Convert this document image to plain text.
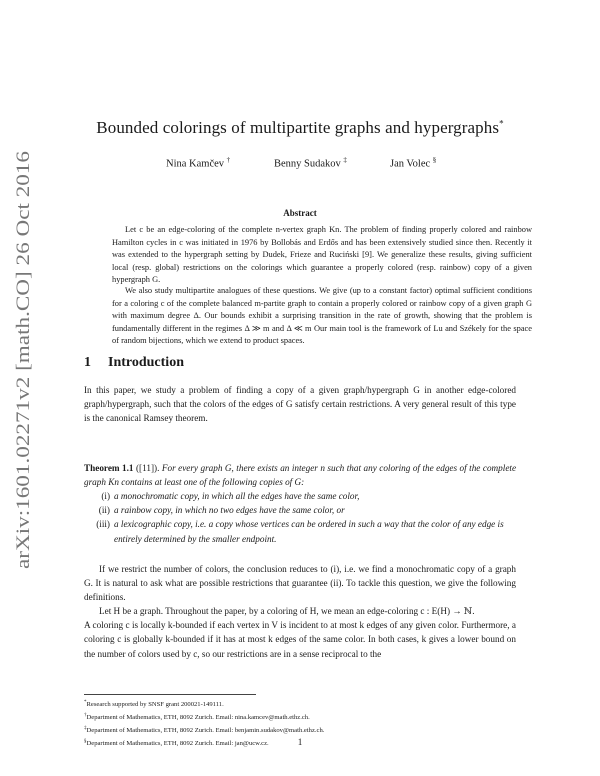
arXiv:1601.02271v2 [math.CO] 26 Oct 2016
Bounded colorings of multipartite graphs and hypergraphs*
Nina Kamčev †	Benny Sudakov ‡	Jan Volec §
Abstract

Let c be an edge-coloring of the complete n-vertex graph Kn. The problem of finding properly colored and rainbow Hamilton cycles in c was initiated in 1976 by Bollobás and Erdős and has been extensively studied since then. Recently it was extended to the hypergraph setting by Dudek, Frieze and Ruciński [9]. We generalize these results, giving sufficient local (resp. global) restrictions on the colorings which guarantee a properly colored (resp. rainbow) copy of a given hypergraph G.

We also study multipartite analogues of these questions. We give (up to a constant factor) optimal sufficient conditions for a coloring c of the complete balanced m-partite graph to contain a properly colored or rainbow copy of a given graph G with maximum degree Δ. Our bounds exhibit a surprising transition in the rate of growth, showing that the problem is fundamentally different in the regimes Δ ≫ m and Δ ≪ m Our main tool is the framework of Lu and Székely for the space of random bijections, which we extend to product spaces.

1 Introduction

In this paper, we study a problem of finding a copy of a given graph/hypergraph G in another edge-colored graph/hypergraph, such that the colors of the edges of G satisfy certain restrictions. A very general result of this type is the canonical Ramsey theorem.

Theorem 1.1 ([11]). For every graph G, there exists an integer n such that any coloring of the edges of the complete graph Kn contains at least one of the following copies of G:

(i) a monochromatic copy, in which all the edges have the same color,
(ii) a rainbow copy, in which no two edges have the same color, or
(iii) a lexicographic copy, i.e. a copy whose vertices can be ordered in such a way that the color of any edge is entirely determined by the smaller endpoint.

If we restrict the number of colors, the conclusion reduces to (i), i.e. we find a monochromatic copy of a graph G. It is natural to ask what are possible restrictions that guarantee (ii). To tackle this question, we give the following definitions.

Let H be a graph. Throughout the paper, by a coloring of H, we mean an edge-coloring c : E(H) → ℕ.

A coloring c is locally k-bounded if each vertex in V is incident to at most k edges of any given color. Furthermore, a coloring c is globally k-bounded if it has at most k edges of the same color. In both cases, k gives a lower bound on the number of colors used by c, so our restrictions are in a sense reciprocal to the

*Research supported by SNSF grant 200021-149111.
†Department of Mathematics, ETH, 8092 Zurich. Email: nina.kamcev@math.ethz.ch.
‡Department of Mathematics, ETH, 8092 Zurich. Email: benjamin.sudakov@math.ethz.ch.
§Department of Mathematics, ETH, 8092 Zurich. Email: jan@ucw.cz.	1
